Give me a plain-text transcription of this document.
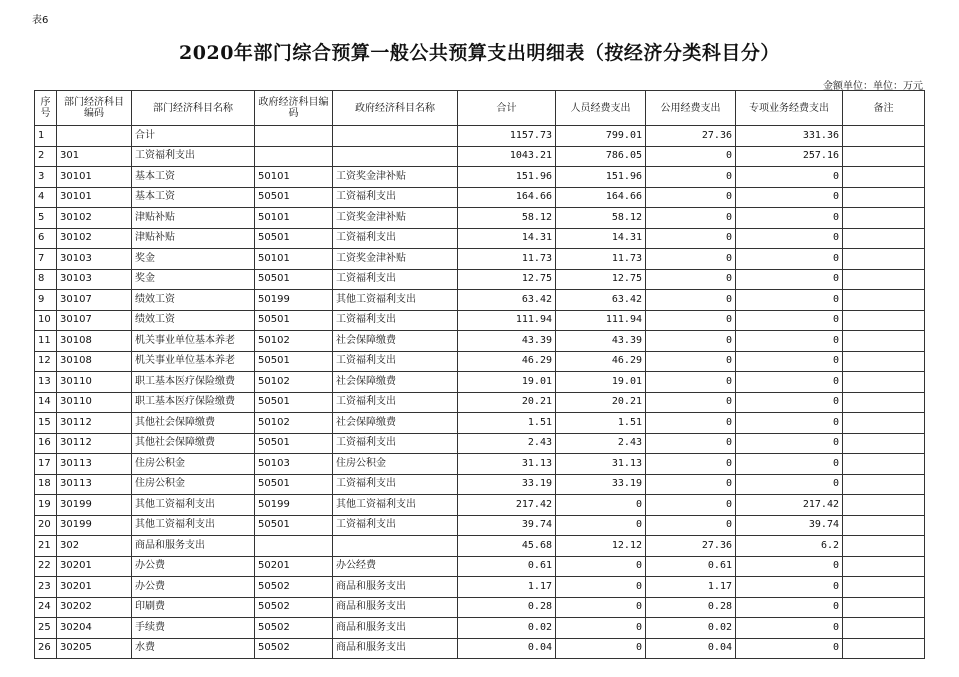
表6
2020年部门综合预算一般公共预算支出明细表（按经济分类科目分）
金额单位：单位：万元
序号	部门经济科目编码	部门经济科目名称	政府经济科目编码	政府经济科目名称	合计	人员经费支出	公用经费支出	专项业务经费支出	备注
1		合计			1157.73	799.01	27.36	331.36	
2	301	工资福利支出			1043.21	786.05	0	257.16	
3	30101	基本工资	50101	工资奖金津补贴	151.96	151.96	0	0	
4	30101	基本工资	50501	工资福利支出	164.66	164.66	0	0	
5	30102	津贴补贴	50101	工资奖金津补贴	58.12	58.12	0	0	
6	30102	津贴补贴	50501	工资福利支出	14.31	14.31	0	0	
7	30103	奖金	50101	工资奖金津补贴	11.73	11.73	0	0	
8	30103	奖金	50501	工资福利支出	12.75	12.75	0	0	
9	30107	绩效工资	50199	其他工资福利支出	63.42	63.42	0	0	
10	30107	绩效工资	50501	工资福利支出	111.94	111.94	0	0	
11	30108	机关事业单位基本养老	50102	社会保障缴费	43.39	43.39	0	0	
12	30108	机关事业单位基本养老	50501	工资福利支出	46.29	46.29	0	0	
13	30110	职工基本医疗保险缴费	50102	社会保障缴费	19.01	19.01	0	0	
14	30110	职工基本医疗保险缴费	50501	工资福利支出	20.21	20.21	0	0	
15	30112	其他社会保障缴费	50102	社会保障缴费	1.51	1.51	0	0	
16	30112	其他社会保障缴费	50501	工资福利支出	2.43	2.43	0	0	
17	30113	住房公积金	50103	住房公积金	31.13	31.13	0	0	
18	30113	住房公积金	50501	工资福利支出	33.19	33.19	0	0	
19	30199	其他工资福利支出	50199	其他工资福利支出	217.42	0	0	217.42	
20	30199	其他工资福利支出	50501	工资福利支出	39.74	0	0	39.74	
21	302	商品和服务支出			45.68	12.12	27.36	6.2	
22	30201	办公费	50201	办公经费	0.61	0	0.61	0	
23	30201	办公费	50502	商品和服务支出	1.17	0	1.17	0	
24	30202	印刷费	50502	商品和服务支出	0.28	0	0.28	0	
25	30204	手续费	50502	商品和服务支出	0.02	0	0.02	0	
26	30205	水费	50502	商品和服务支出	0.04	0	0.04	0	
